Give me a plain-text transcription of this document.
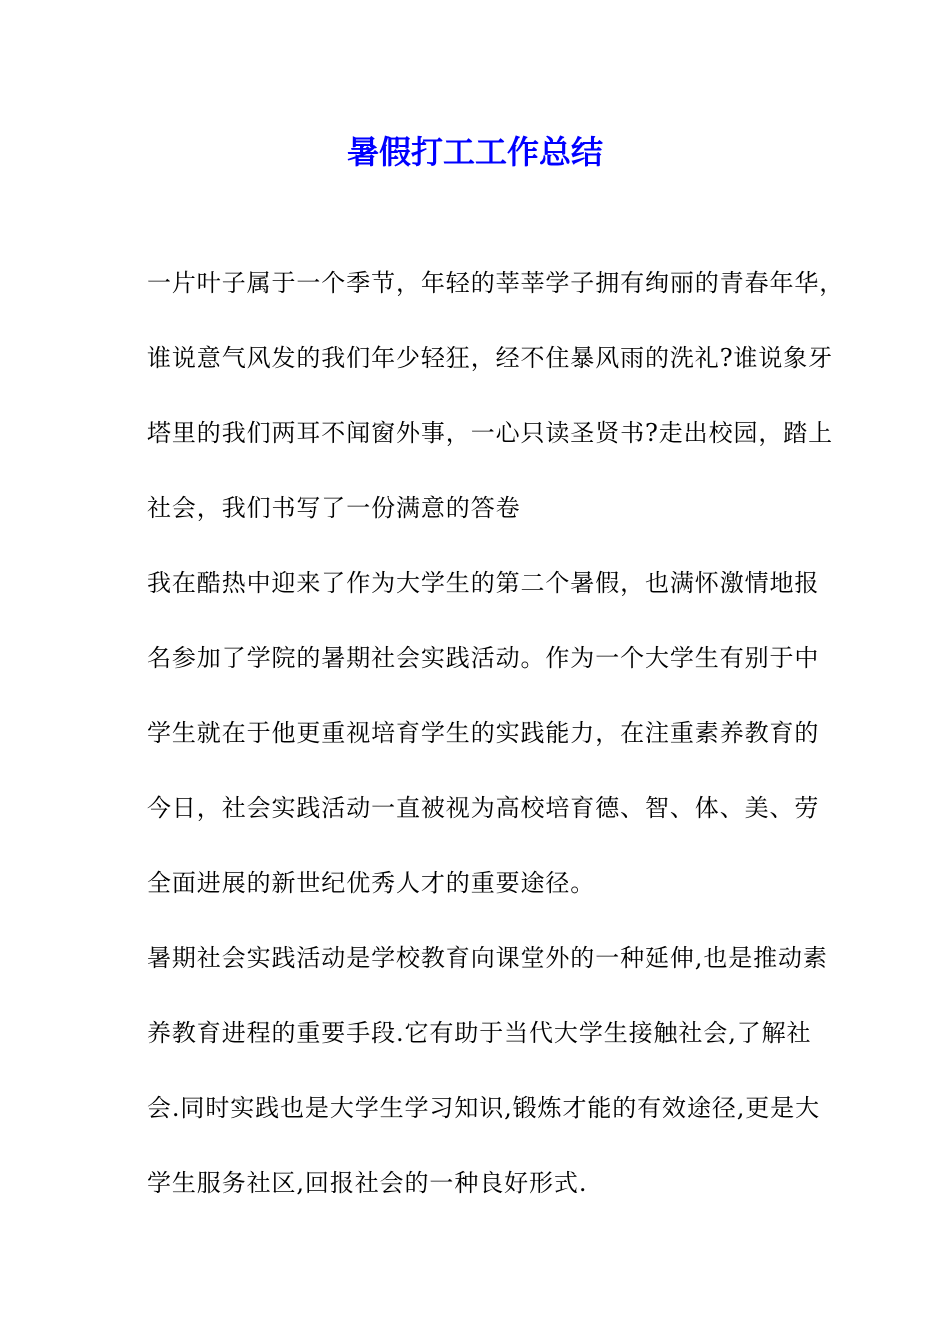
暑假打工工作总结
一片叶子属于一个季节，年轻的莘莘学子拥有绚丽的青春年华，
谁说意气风发的我们年少轻狂，经不住暴风雨的洗礼?谁说象牙
塔里的我们两耳不闻窗外事，一心只读圣贤书?走出校园，踏上
社会，我们书写了一份满意的答卷
我在酷热中迎来了作为大学生的第二个暑假，也满怀激情地报
名参加了学院的暑期社会实践活动。作为一个大学生有别于中
学生就在于他更重视培育学生的实践能力，在注重素养教育的
今日，社会实践活动一直被视为高校培育德、智、体、美、劳
全面进展的新世纪优秀人才的重要途径。
暑期社会实践活动是学校教育向课堂外的一种延伸,也是推动素
养教育进程的重要手段.它有助于当代大学生接触社会,了解社
会.同时实践也是大学生学习知识,锻炼才能的有效途径,更是大
学生服务社区,回报社会的一种良好形式.
